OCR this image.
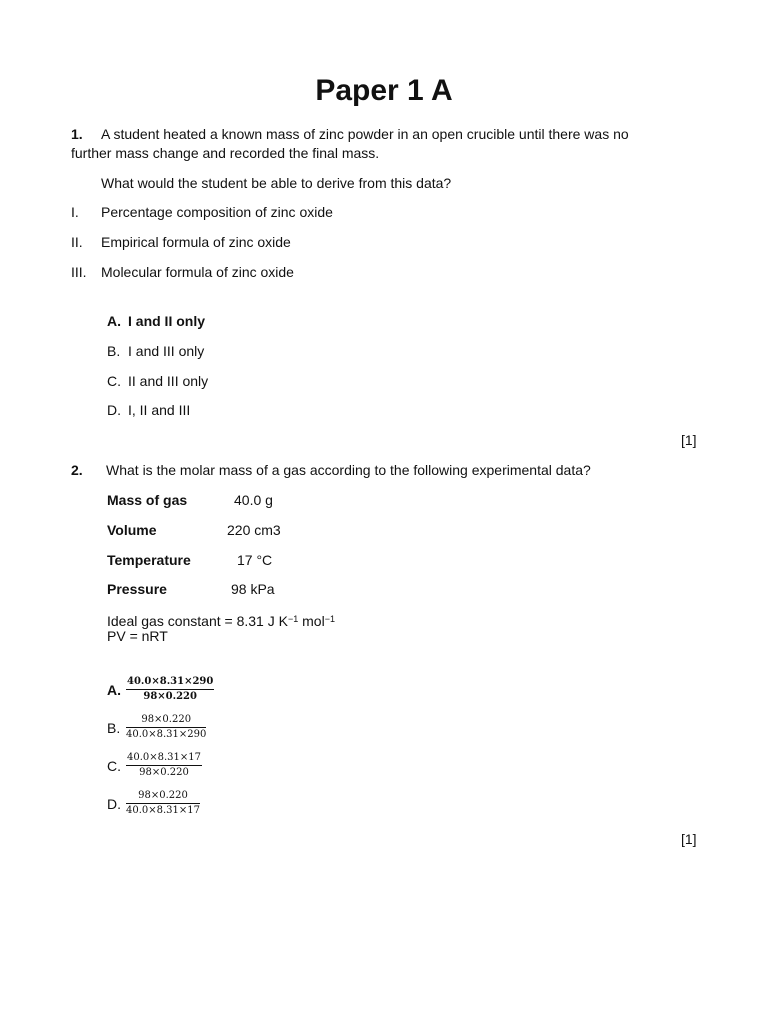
Paper 1 A
1. A student heated a known mass of zinc powder in an open crucible until there was no
further mass change and recorded the final mass.
What would the student be able to derive from this data?
I. Percentage composition of zinc oxide
II. Empirical formula of zinc oxide
III. Molecular formula of zinc oxide
A. I and II only
B. I and III only
C. II and III only
D. I, II and III
[1]
2. What is the molar mass of a gas according to the following experimental data?
Mass of gas	40.0 g
Volume	220 cm3
Temperature	17 °C
Pressure	98 kPa
Ideal gas constant = 8.31 J $K^{-1}$ mol$^{-1}$
PV = nRT
A. $\frac{40.0\times 8.31\times 290}{98\times 0.220}$
B. $\frac{98\times 0.220}{40.0\times 8.31\times 290}$
C. $\frac{40.0\times 8.31\times 17}{98\times 0.220}$
D. $\frac{98\times 0.220}{40.0\times 8.31\times 17}$
[1]
